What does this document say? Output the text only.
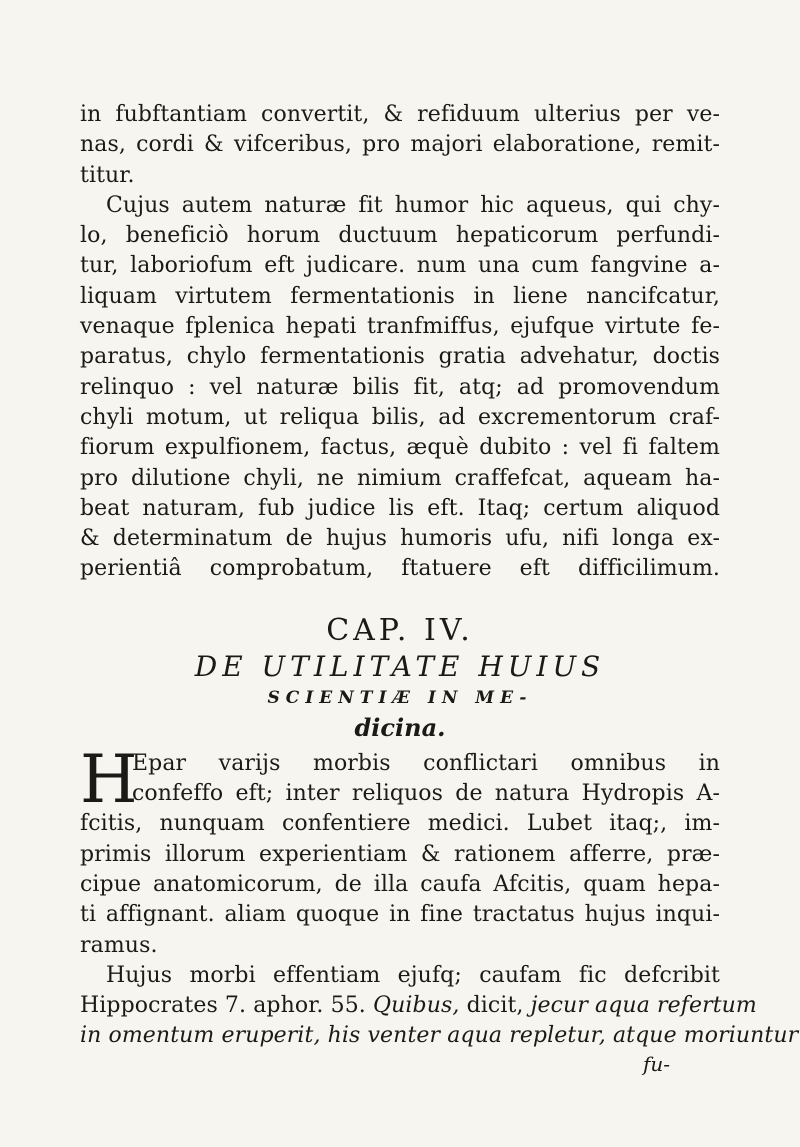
in fubftantiam convertit, & refiduum ulterius per ve-
nas, cordi & vifceribus, pro majori elaboratione, remit-
titur.
Cujus autem naturæ fit humor hic aqueus, qui chy-
lo, beneficiò horum ductuum hepaticorum perfundi-
tur, laboriofum eft judicare. num una cum fangvine a-
liquam virtutem fermentationis in liene nancifcatur,
venaque fplenica hepati tranfmiffus, ejufque virtute fe-
paratus, chylo fermentationis gratia advehatur, doctis
relinquo : vel naturæ bilis fit, atq; ad promovendum
chyli motum, ut reliqua bilis, ad excrementorum craf-
fiorum expulfionem, factus, æquè dubito : vel fi faltem
pro dilutione chyli, ne nimium craffefcat, aqueam ha-
beat naturam, fub judice lis eft. Itaq; certum aliquod
& determinatum de hujus humoris ufu, nifi longa ex-
perientiâ comprobatum, ftatuere eft difficilimum.
CAP. IV.
DE UTILITATE HUIUS
SCIENTIÆ IN ME-
dicina.
H
Epar varijs morbis conflictari omnibus in
confeffo eft; inter reliquos de natura Hydropis A-
fcitis, nunquam confentiere medici. Lubet itaq;, im-
primis illorum experientiam & rationem afferre, præ-
cipue anatomicorum, de illa caufa Afcitis, quam hepa-
ti affignant. aliam quoque in fine tractatus hujus inqui-
ramus.
Hujus morbi effentiam ejufq; caufam fic defcribit
Hippocrates 7. aphor. 55. Quibus, dicit, jecur aqua refertum
in omentum eruperit, his venter aqua repletur, atque moriuntur
fu-
